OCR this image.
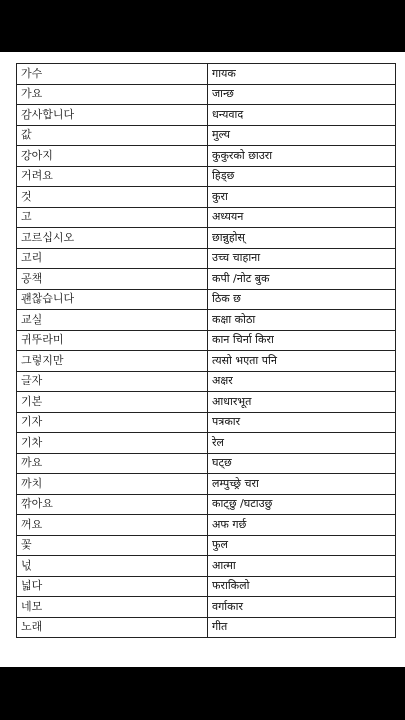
가수	गायक
가요	जान्छ
감사합니다	धन्यवाद
값	मुल्य
강아지	कुकुरको छाउरा
거려요	हिड्छ
것	कुरा
고	अध्ययन
고르십시오	छान्नुहोस्
고리	उच्च चाहाना
공책	कपी /नोट बुक
괜찮습니다	ठिक छ
교실	कक्षा कोठा
귀뚜라미	कान चिर्ना किरा
그렇지만	त्यसो भएता पनि
글자	अक्षर
기본	आधारभूत
기자	पत्रकार
기차	रेल
까요	घट्छ
까치	लम्पुच्छ्रे चरा
깎아요	काट्छु /घटाउछु
꺼요	अफ गर्छ
꽃	फुल
넋	आत्मा
넓다	फराकिलो
네모	वर्गाकार
노래	गीत
